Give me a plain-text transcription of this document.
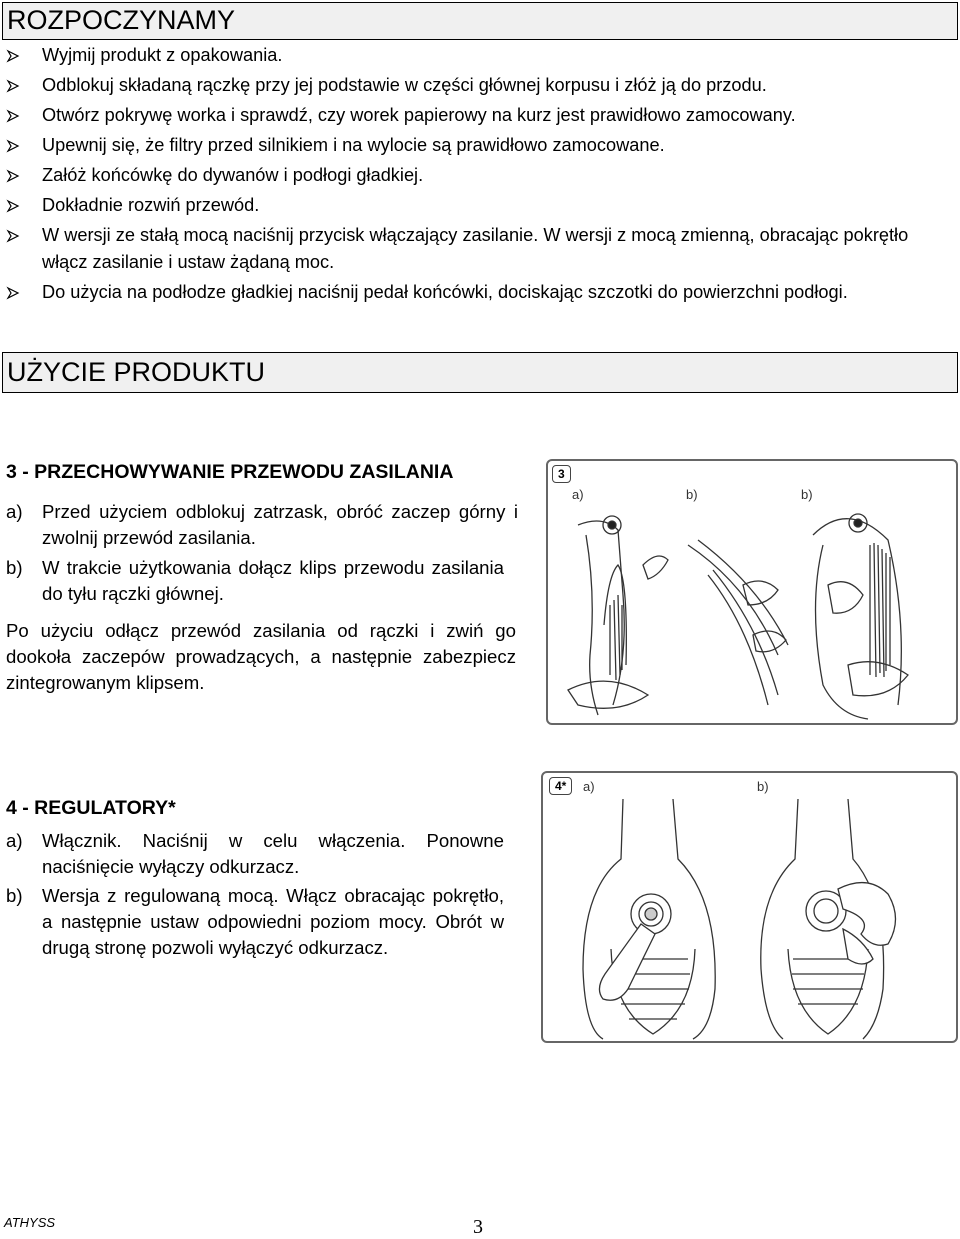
ROZPOCZYNAMY
Wyjmij produkt z opakowania.
Odblokuj składaną rączkę przy jej podstawie w części głównej korpusu i złóż ją do przodu.
Otwórz pokrywę worka i sprawdź, czy worek papierowy na kurz jest prawidłowo zamocowany.
Upewnij się, że filtry przed silnikiem i na wylocie są prawidłowo zamocowane.
Załóż końcówkę do dywanów i podłogi gładkiej.
Dokładnie rozwiń przewód.
W wersji ze stałą mocą naciśnij przycisk włączający zasilanie. W wersji z mocą zmienną, obracając pokrętło włącz zasilanie i ustaw żądaną moc.
Do użycia na podłodze gładkiej naciśnij pedał końcówki, dociskając szczotki do powierzchni podłogi.
UŻYCIE PRODUKTU
3 - PRZECHOWYWANIE PRZEWODU ZASILANIA
a) Przed użyciem odblokuj zatrzask, obróć zaczep górny i zwolnij przewód zasilania.
b) W trakcie użytkowania dołącz klips przewodu zasilania do tyłu rączki głównej.
Po użyciu odłącz przewód zasilania od rączki i zwiń go dookoła zaczepów prowadzących, a następnie zabezpiecz zintegrowanym klipsem.
3
a)	b)	b)
4 - REGULATORY*
a) Włącznik. Naciśnij w celu włączenia. Ponowne naciśnięcie wyłączy odkurzacz.
b) Wersja z regulowaną mocą. Włącz obracając pokrętło, a następnie ustaw odpowiedni poziom mocy. Obrót w drugą stronę pozwoli wyłączyć odkurzacz.
4*	a)	b)
ATHYSS	3
